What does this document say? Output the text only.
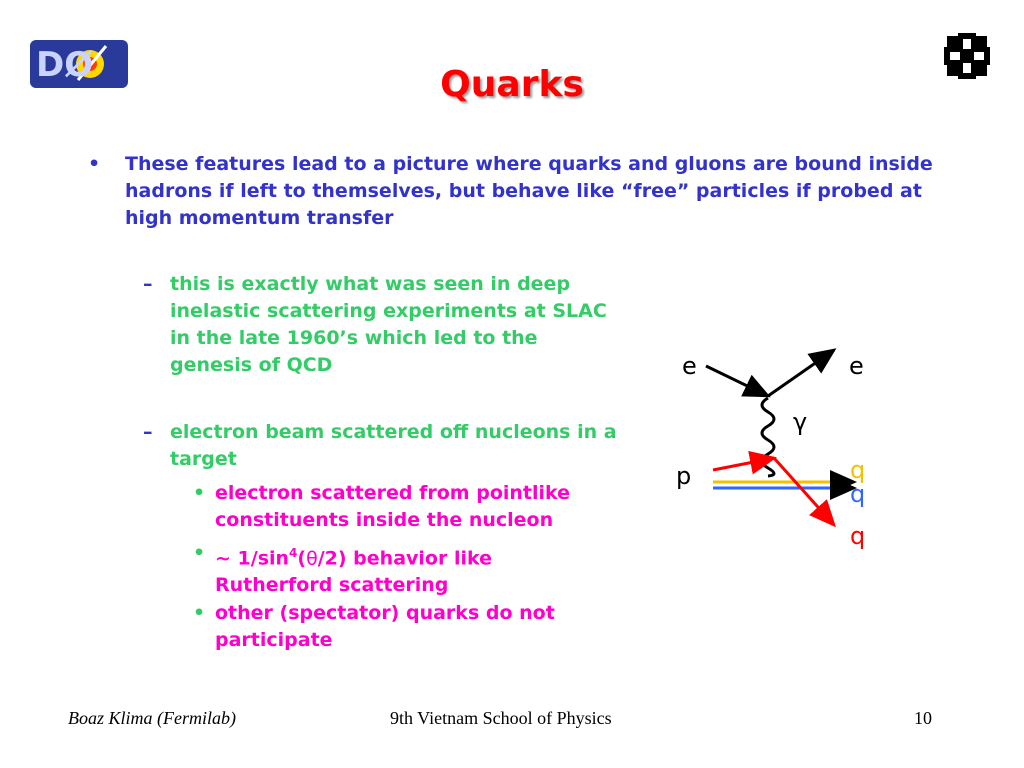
DØ	Quarks
• These features lead to a picture where quarks and gluons are bound inside hadrons if left to themselves, but behave like “free” particles if probed at high momentum transfer
– this is exactly what was seen in deep inelastic scattering experiments at SLAC in the late 1960’s which led to the genesis of QCD
– electron beam scattered off nucleons in a target
• electron scattered from pointlike constituents inside the nucleon
• ~ $1/\sin^4(\theta/2)$ behavior like Rutherford scattering
• other (spectator) quarks do not participate
e	e
γ
p	q
q
q
Boaz Klima (Fermilab)	9th Vietnam School of Physics	10
